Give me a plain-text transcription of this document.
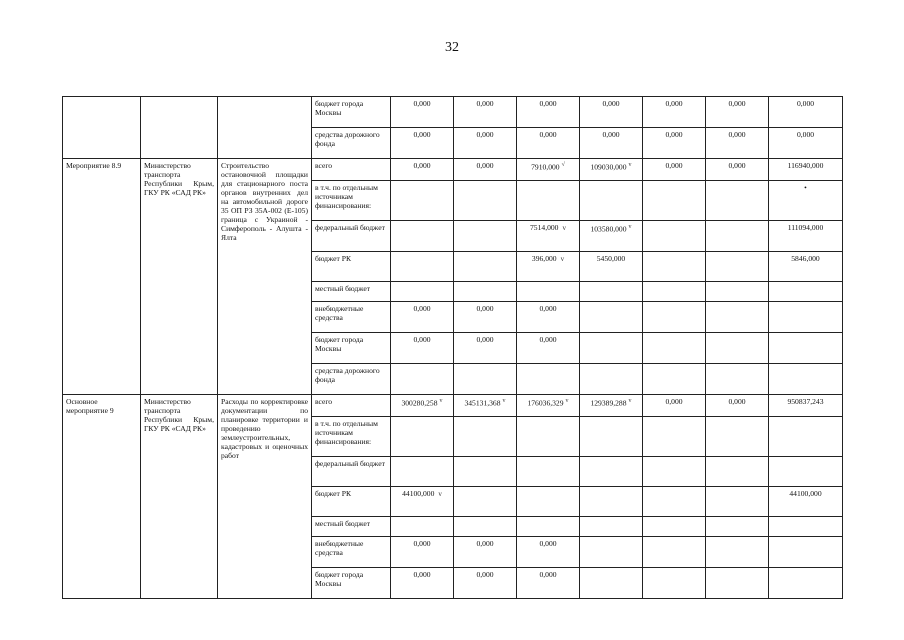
32
			бюджет города Москвы	0,000	0,000	0,000	0,000	0,000	0,000	0,000
			средства дорожного фонда	0,000	0,000	0,000	0,000	0,000	0,000	0,000
Мероприятие 8.9	Министерство транспорта Республики Крым, ГКУ РК «САД РК»	Строительство остановочной площадки для стационарного поста органов внутренних дел на автомобильной дороге 35 ОП РЗ 35А-002 (Е-105) граница с Украиной - Симферополь - Алушта - Ялта	всего	0,000	0,000	7910,000 √	109030,000 $^v$	0,000	0,000	116940,000
			в т.ч. по отдельным источникам финансирования:							•
			федеральный бюджет			7514,000 v	103580,000 $^v$			111094,000
			бюджет РК			396,000 v	5450,000			5846,000
			местный бюджет							
			внебюджетные средства	0,000	0,000	0,000				
			бюджет города Москвы	0,000	0,000	0,000				
			средства дорожного фонда							
Основное мероприятие 9	Министерство транспорта Республики Крым, ГКУ РК «САД РК»	Расходы по корректировке документации по планировке территории и проведению землеустроительных, кадастровых и оценочных работ	всего	300280,258 $^v$	345131,368 $^v$	176036,329 $^v$	129389,288 $^v$	0,000	0,000	950837,243
			в т.ч. по отдельным источникам финансирования:							
			федеральный бюджет							
			бюджет РК	44100,000 v						44100,000
			местный бюджет							
			внебюджетные средства	0,000	0,000	0,000				
			бюджет города Москвы	0,000	0,000	0,000				
